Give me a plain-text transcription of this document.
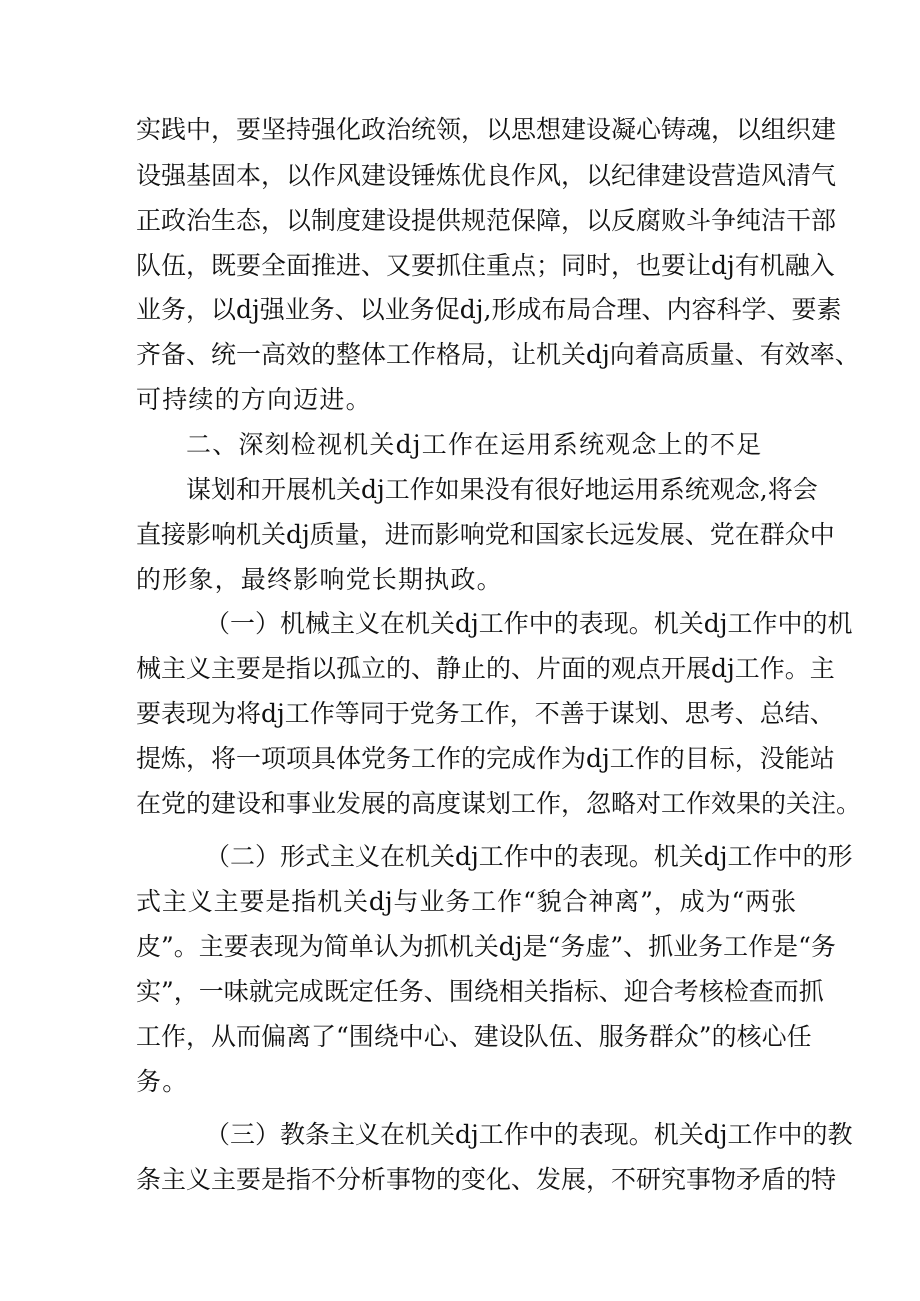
实践中，要坚持强化政治统领，以思想建设凝心铸魂，以组织建
设强基固本，以作风建设锤炼优良作风，以纪律建设营造风清气
正政治生态，以制度建设提供规范保障，以反腐败斗争纯洁干部
队伍，既要全面推进、又要抓住重点；同时，也要让dj有机融入
业务，以dj强业务、以业务促dj,形成布局合理、内容科学、要素
齐备、统一高效的整体工作格局，让机关dj向着高质量、有效率、
可持续的方向迈进。
二、深刻检视机关dj工作在运用系统观念上的不足
谋划和开展机关dj工作如果没有很好地运用系统观念,将会
直接影响机关dj质量，进而影响党和国家长远发展、党在群众中
的形象，最终影响党长期执政。
（一）机械主义在机关dj工作中的表现。机关dj工作中的机
械主义主要是指以孤立的、静止的、片面的观点开展dj工作。主
要表现为将dj工作等同于党务工作，不善于谋划、思考、总结、
提炼，将一项项具体党务工作的完成作为dj工作的目标，没能站
在党的建设和事业发展的高度谋划工作，忽略对工作效果的关注。
（二）形式主义在机关dj工作中的表现。机关dj工作中的形
式主义主要是指机关dj与业务工作“貌合神离”，成为“两张
皮”。主要表现为简单认为抓机关dj是“务虚”、抓业务工作是“务
实”，一味就完成既定任务、围绕相关指标、迎合考核检查而抓
工作，从而偏离了“围绕中心、建设队伍、服务群众”的核心任
务。
（三）教条主义在机关dj工作中的表现。机关dj工作中的教
条主义主要是指不分析事物的变化、发展，不研究事物矛盾的特
